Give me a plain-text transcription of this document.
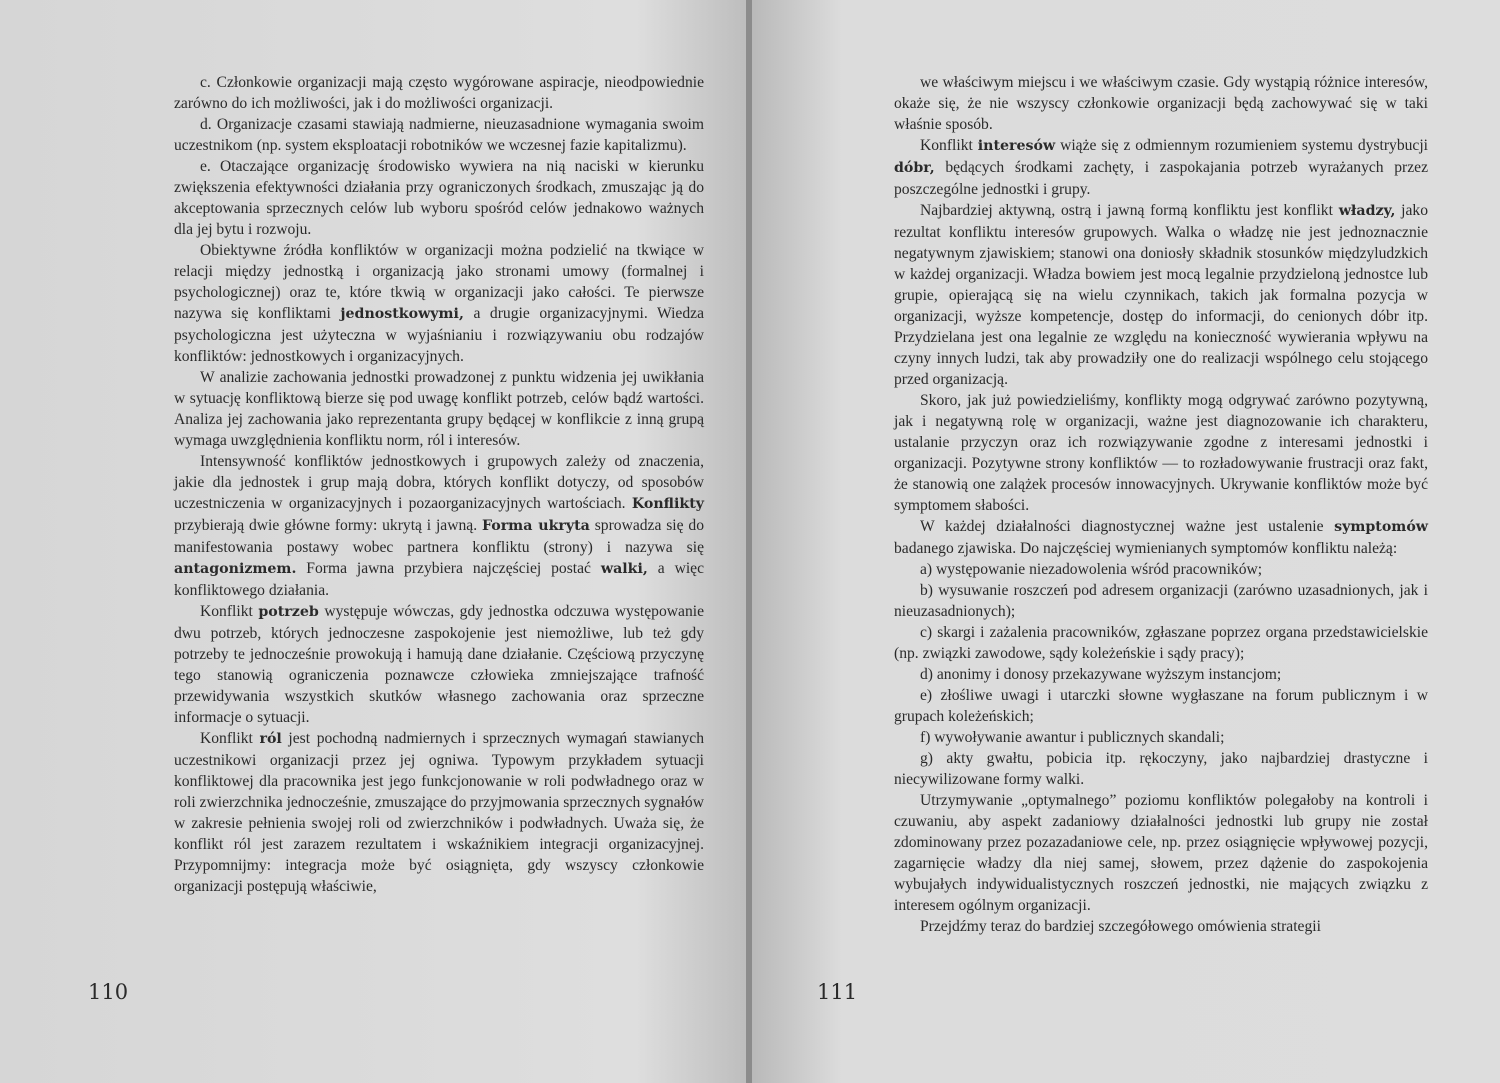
c. Członkowie organizacji mają często wygórowane aspiracje, nieodpowiednie zarówno do ich możliwości, jak i do możliwości organizacji.

d. Organizacje czasami stawiają nadmierne, nieuzasadnione wymagania swoim uczestnikom (np. system eksploatacji robotników we wczesnej fazie kapitalizmu).

e. Otaczające organizację środowisko wywiera na nią naciski w kierunku zwiększenia efektywności działania przy ograniczonych środkach, zmuszając ją do akceptowania sprzecznych celów lub wyboru spośród celów jednakowo ważnych dla jej bytu i rozwoju.

Obiektywne źródła konfliktów w organizacji można podzielić na tkwiące w relacji między jednostką i organizacją jako stronami umowy (formalnej i psychologicznej) oraz te, które tkwią w organizacji jako całości. Te pierwsze nazywa się konfliktami jednostkowymi, a drugie organizacyjnymi. Wiedza psychologiczna jest użyteczna w wyjaśnianiu i rozwiązywaniu obu rodzajów konfliktów: jednostkowych i organizacyjnych.

W analizie zachowania jednostki prowadzonej z punktu widzenia jej uwikłania w sytuację konfliktową bierze się pod uwagę konflikt potrzeb, celów bądź wartości. Analiza jej zachowania jako reprezentanta grupy będącej w konflikcie z inną grupą wymaga uwzględnienia konfliktu norm, ról i interesów.

Intensywność konfliktów jednostkowych i grupowych zależy od znaczenia, jakie dla jednostek i grup mają dobra, których konflikt dotyczy, od sposobów uczestniczenia w organizacyjnych i pozaorganizacyjnych wartościach. Konflikty przybierają dwie główne formy: ukrytą i jawną. Forma ukryta sprowadza się do manifestowania postawy wobec partnera konfliktu (strony) i nazywa się antagonizmem. Forma jawna przybiera najczęściej postać walki, a więc konfliktowego działania.

Konflikt potrzeb występuje wówczas, gdy jednostka odczuwa występowanie dwu potrzeb, których jednoczesne zaspokojenie jest niemożliwe, lub też gdy potrzeby te jednocześnie prowokują i hamują dane działanie. Częściową przyczynę tego stanowią ograniczenia poznawcze człowieka zmniejszające trafność przewidywania wszystkich skutków własnego zachowania oraz sprzeczne informacje o sytuacji.

Konflikt ról jest pochodną nadmiernych i sprzecznych wymagań stawianych uczestnikowi organizacji przez jej ogniwa. Typowym przykładem sytuacji konfliktowej dla pracownika jest jego funkcjonowanie w roli podwładnego oraz w roli zwierzchnika jednocześnie, zmuszające do przyjmowania sprzecznych sygnałów w zakresie pełnienia swojej roli od zwierzchników i podwładnych. Uważa się, że konflikt ról jest zarazem rezultatem i wskaźnikiem integracji organizacyjnej. Przypomnijmy: integracja może być osiągnięta, gdy wszyscy członkowie organizacji postępują właściwie,

110

we właściwym miejscu i we właściwym czasie. Gdy wystąpią różnice interesów, okaże się, że nie wszyscy członkowie organizacji będą zachowywać się w taki właśnie sposób.

Konflikt interesów wiąże się z odmiennym rozumieniem systemu dystrybucji dóbr, będących środkami zachęty, i zaspokajania potrzeb wyrażanych przez poszczególne jednostki i grupy.

Najbardziej aktywną, ostrą i jawną formą konfliktu jest konflikt władzy, jako rezultat konfliktu interesów grupowych. Walka o władzę nie jest jednoznacznie negatywnym zjawiskiem; stanowi ona doniosły składnik stosunków międzyludzkich w każdej organizacji. Władza bowiem jest mocą legalnie przydzieloną jednostce lub grupie, opierającą się na wielu czynnikach, takich jak formalna pozycja w organizacji, wyższe kompetencje, dostęp do informacji, do cenionych dóbr itp. Przydzielana jest ona legalnie ze względu na konieczność wywierania wpływu na czyny innych ludzi, tak aby prowadziły one do realizacji wspólnego celu stojącego przed organizacją.

Skoro, jak już powiedzieliśmy, konflikty mogą odgrywać zarówno pozytywną, jak i negatywną rolę w organizacji, ważne jest diagnozowanie ich charakteru, ustalanie przyczyn oraz ich rozwiązywanie zgodne z interesami jednostki i organizacji. Pozytywne strony konfliktów — to rozładowywanie frustracji oraz fakt, że stanowią one zalążek procesów innowacyjnych. Ukrywanie konfliktów może być symptomem słabości.

W każdej działalności diagnostycznej ważne jest ustalenie symptomów badanego zjawiska. Do najczęściej wymienianych symptomów konfliktu należą:

a) występowanie niezadowolenia wśród pracowników;

b) wysuwanie roszczeń pod adresem organizacji (zarówno uzasadnionych, jak i nieuzasadnionych);

c) skargi i zażalenia pracowników, zgłaszane poprzez organa przedstawicielskie (np. związki zawodowe, sądy koleżeńskie i sądy pracy);

d) anonimy i donosy przekazywane wyższym instancjom;

e) złośliwe uwagi i utarczki słowne wygłaszane na forum publicznym i w grupach koleżeńskich;

f) wywoływanie awantur i publicznych skandali;

g) akty gwałtu, pobicia itp. rękoczyny, jako najbardziej drastyczne i niecywilizowane formy walki.

Utrzymywanie „optymalnego” poziomu konfliktów polegałoby na kontroli i czuwaniu, aby aspekt zadaniowy działalności jednostki lub grupy nie został zdominowany przez pozazadaniowe cele, np. przez osiągnięcie wpływowej pozycji, zagarnięcie władzy dla niej samej, słowem, przez dążenie do zaspokojenia wybujałych indywidualistycznych roszczeń jednostki, nie mających związku z interesem ogólnym organizacji.

Przejdźmy teraz do bardziej szczegółowego omówienia strategii

111
